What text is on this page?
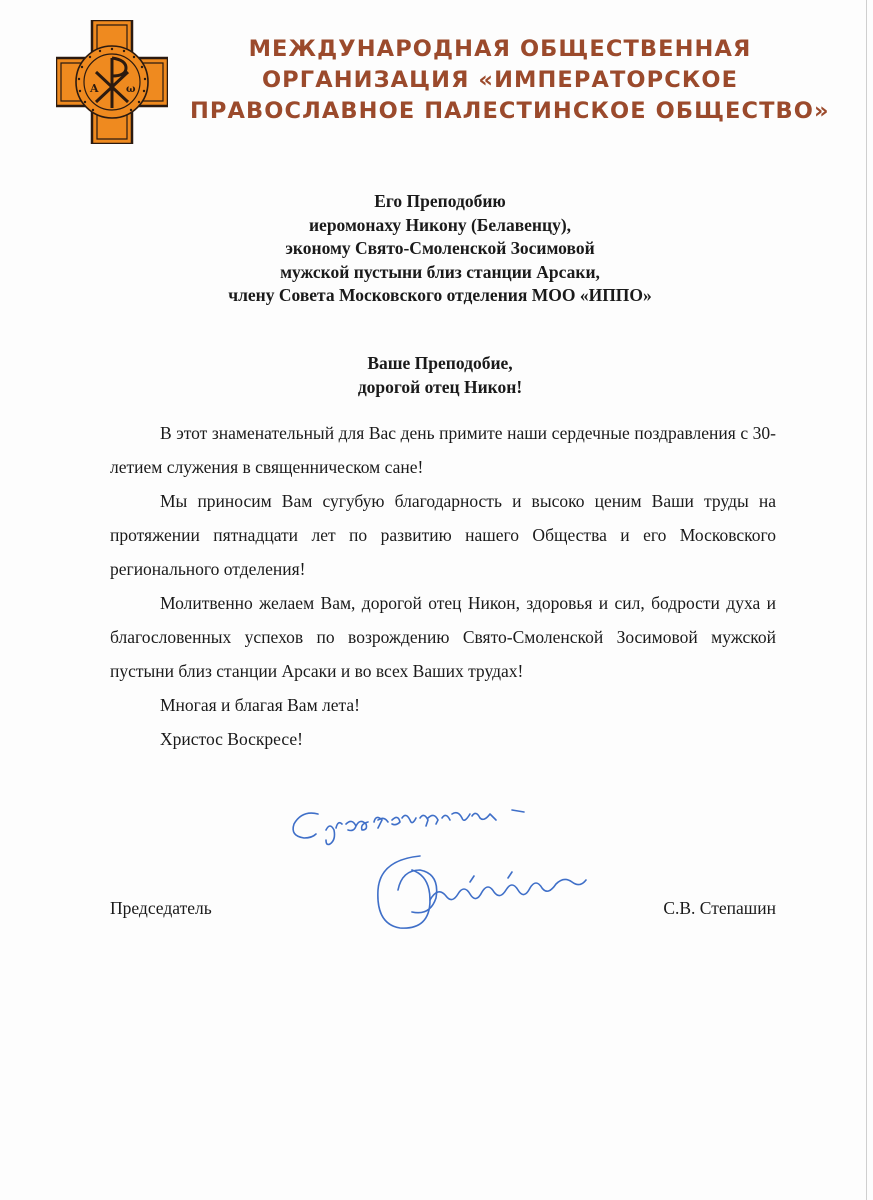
A	ω
МЕЖДУНАРОДНАЯ ОБЩЕСТВЕННАЯ
ОРГАНИЗАЦИЯ «ИМПЕРАТОРСКОЕ
ПРАВОСЛАВНОЕ ПАЛЕСТИНСКОЕ ОБЩЕСТВО»
Его Преподобию
иеромонаху Никону (Белавенцу),
эконому Свято-Смоленской Зосимовой
мужской пустыни близ станции Арсаки,
члену Совета Московского отделения МОО «ИППО»
Ваше Преподобие,
дорогой отец Никон!

В этот знаменательный для Вас день примите наши сердечные поздравления с 30-летием служения в священническом сане!

Мы приносим Вам сугубую благодарность и высоко ценим Ваши труды на протяжении пятнадцати лет по развитию нашего Общества и его Московского регионального отделения!

Молитвенно желаем Вам, дорогой отец Никон, здоровья и сил, бодрости духа и благословенных успехов по возрождению Свято-Смоленской Зосимовой мужской пустыни близ станции Арсаки и во всех Ваших трудах!

Многая и благая Вам лета!

Христос Воскресе!

Председатель	С.В. Степашин
